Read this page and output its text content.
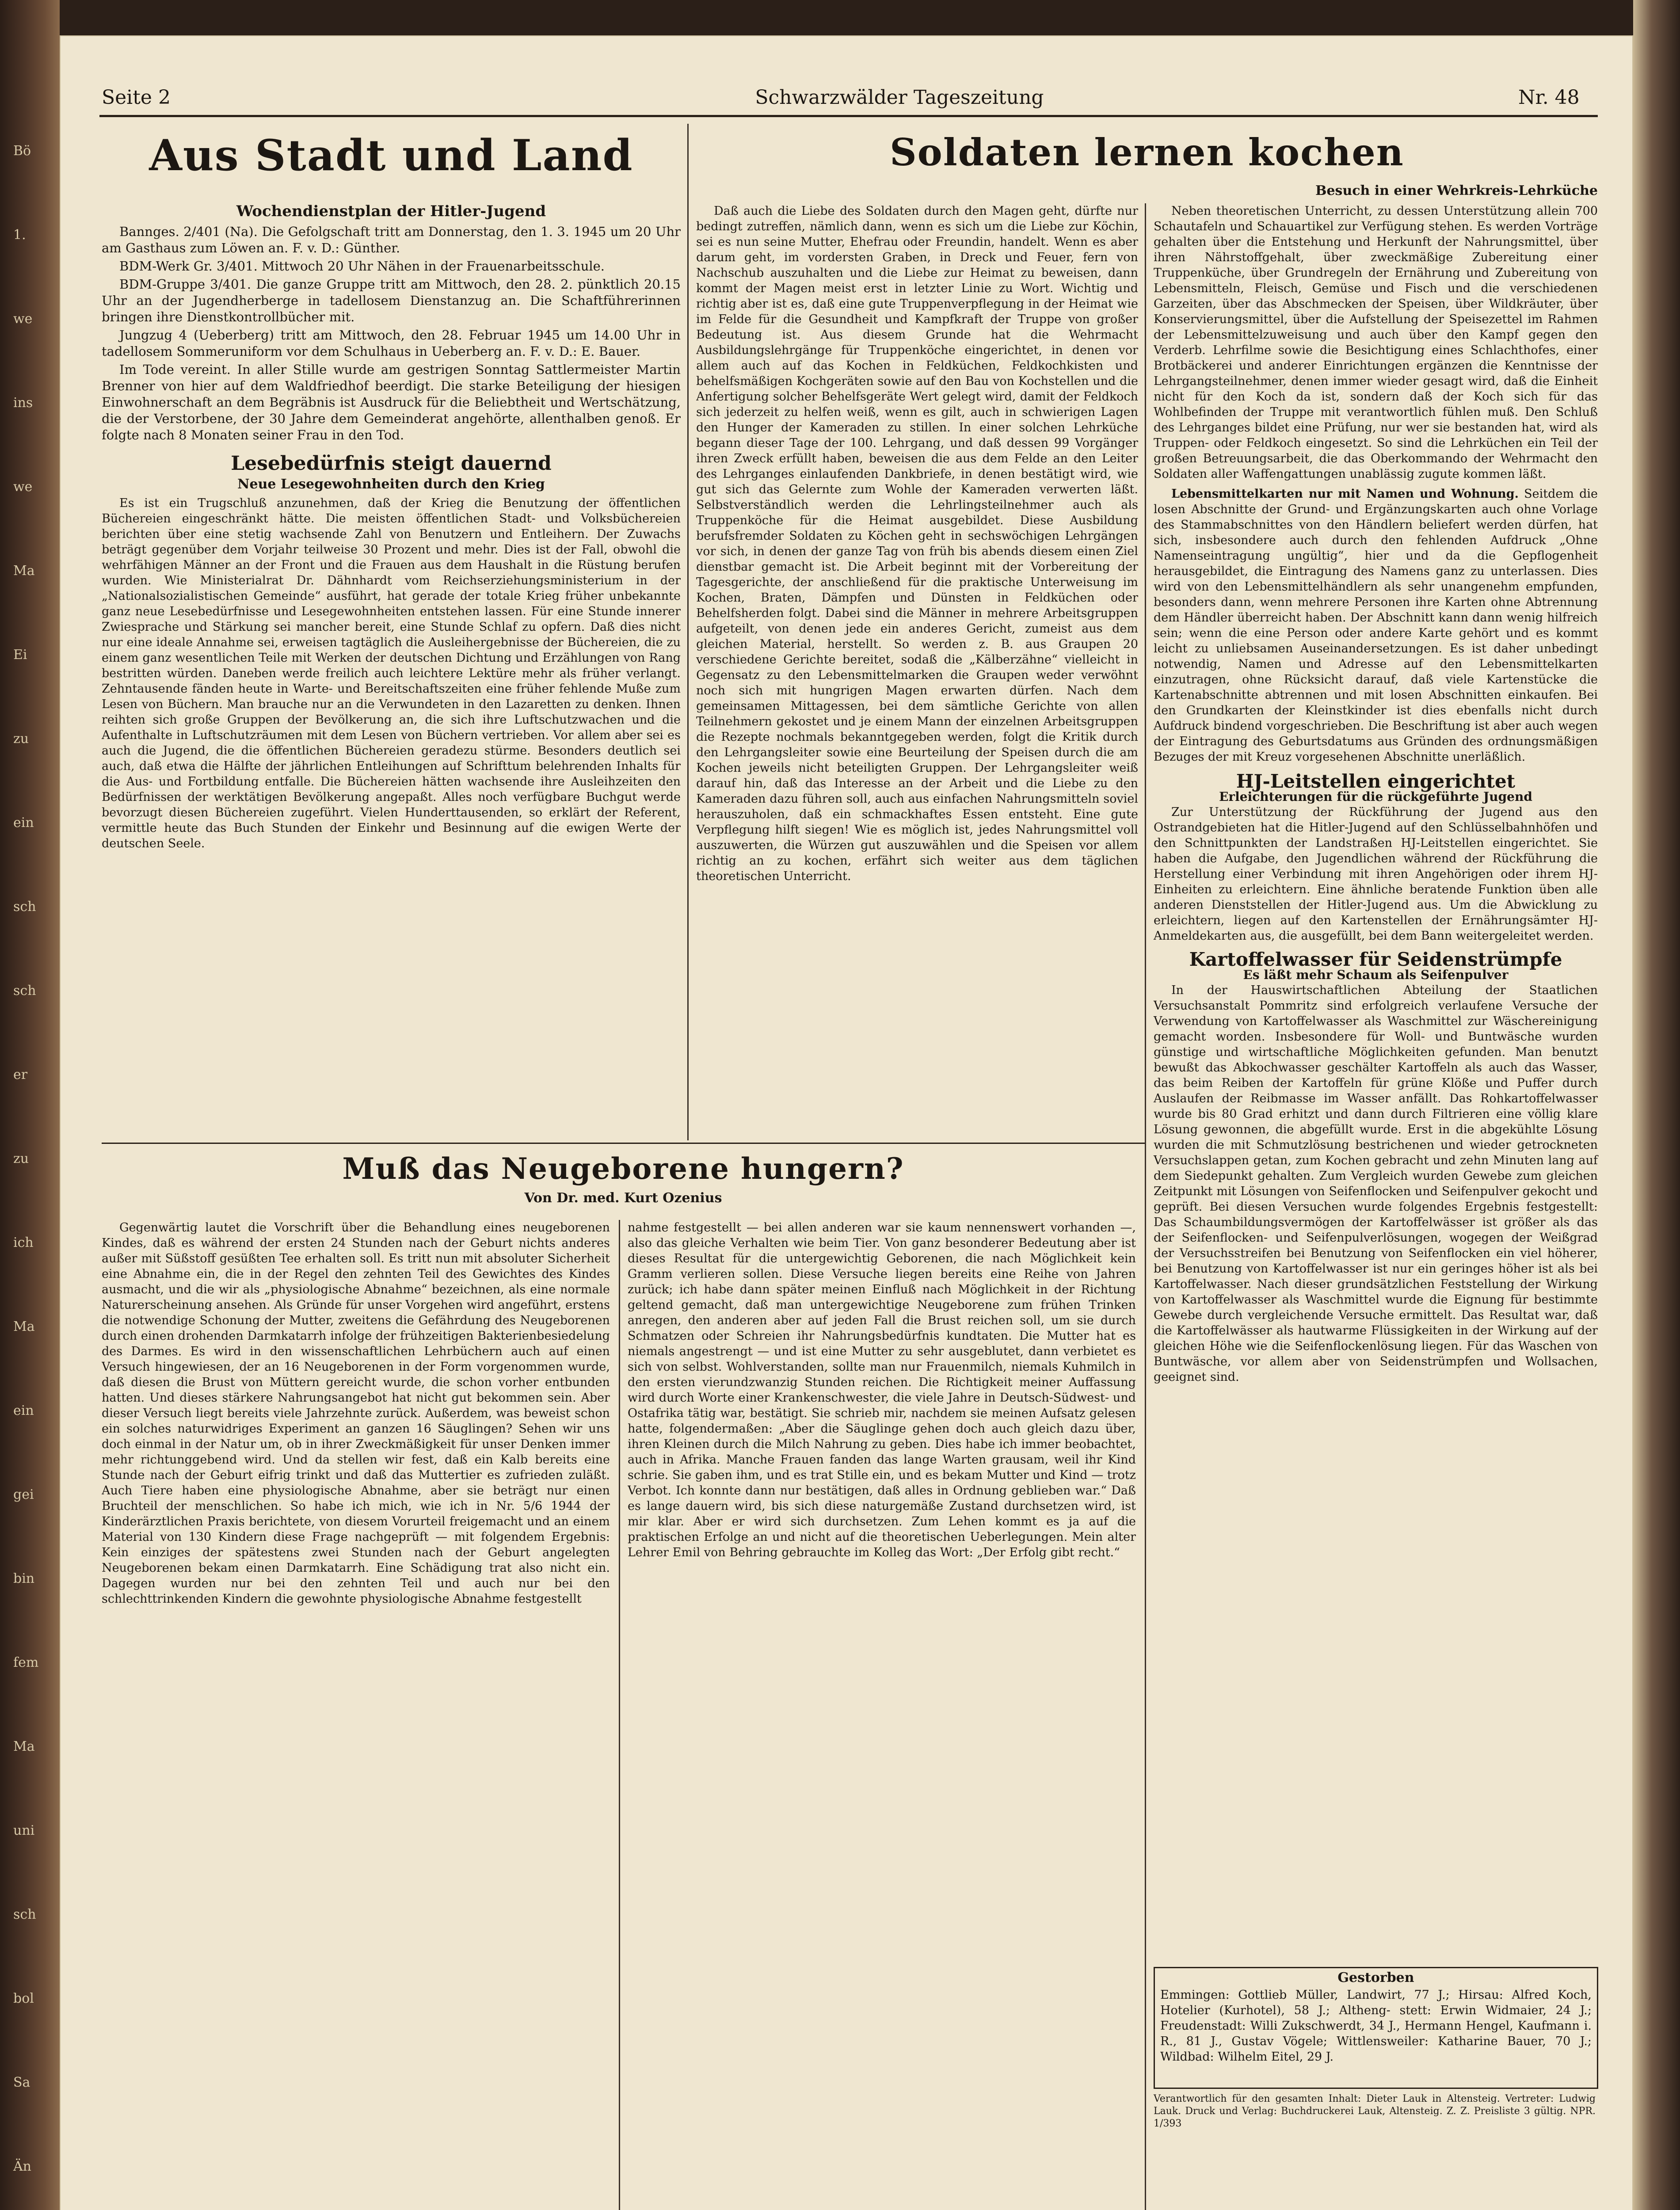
Bö
1.
we
ins
we
Ma
Ei
zu
ein
sch
sch
er
zu
ich
Ma
ein
gei
bin
fem
Ma
uni
sch
bol
Sa
Än
Seite 2	Schwarzwälder Tageszeitung	Nr. 48
Aus Stadt und Land
Wochendienstplan der Hitler-Jugend

Bannges. 2/401 (Na). Die Gefolgschaft tritt am Donnerstag, den 1. 3. 1945 um 20 Uhr am Gasthaus zum Löwen an. F. v. D.: Günther.

BDM-Werk Gr. 3/401. Mittwoch 20 Uhr Nähen in der Frauenarbeitsschule.

BDM-Gruppe 3/401. Die ganze Gruppe tritt am Mittwoch, den 28. 2. pünktlich 20.15 Uhr an der Jugendherberge in tadellosem Dienstanzug an. Die Schaftführerinnen bringen ihre Dienstkontrollbücher mit.

Jungzug 4 (Ueberberg) tritt am Mittwoch, den 28. Februar 1945 um 14.00 Uhr in tadellosem Sommeruniform vor dem Schulhaus in Ueberberg an. F. v. D.: E. Bauer.

Im Tode vereint. In aller Stille wurde am gestrigen Sonntag Sattlermeister Martin Brenner von hier auf dem Waldfriedhof beerdigt. Die starke Beteiligung der hiesigen Einwohnerschaft an dem Begräbnis ist Ausdruck für die Beliebtheit und Wertschätzung, die der Verstorbene, der 30 Jahre dem Gemeinderat angehörte, allenthalben genoß. Er folgte nach 8 Monaten seiner Frau in den Tod.

Lesebedürfnis steigt dauernd
Neue Lesegewohnheiten durch den Krieg

Es ist ein Trugschluß anzunehmen, daß der Krieg die Benutzung der öffentlichen Büchereien eingeschränkt hätte. Die meisten öffentlichen Stadt- und Volksbüchereien berichten über eine stetig wachsende Zahl von Benutzern und Entleihern. Der Zuwachs beträgt gegenüber dem Vorjahr teilweise 30 Prozent und mehr. Dies ist der Fall, obwohl die wehrfähigen Männer an der Front und die Frauen aus dem Haushalt in die Rüstung berufen wurden. Wie Ministerialrat Dr. Dähnhardt vom Reichserziehungsministerium in der „Nationalsozialistischen Gemeinde“ ausführt, hat gerade der totale Krieg früher unbekannte ganz neue Lesebedürfnisse und Lesegewohnheiten entstehen lassen. Für eine Stunde innerer Zwiesprache und Stärkung sei mancher bereit, eine Stunde Schlaf zu opfern. Daß dies nicht nur eine ideale Annahme sei, erweisen tagtäglich die Ausleihergebnisse der Büchereien, die zu einem ganz wesentlichen Teile mit Werken der deutschen Dichtung und Erzählungen von Rang bestritten würden. Daneben werde freilich auch leichtere Lektüre mehr als früher verlangt. Zehntausende fänden heute in Warte- und Bereitschaftszeiten eine früher fehlende Muße zum Lesen von Büchern. Man brauche nur an die Verwundeten in den Lazaretten zu denken. Ihnen reihten sich große Gruppen der Bevölkerung an, die sich ihre Luftschutzwachen und die Aufenthalte in Luftschutzräumen mit dem Lesen von Büchern vertrieben. Vor allem aber sei es auch die Jugend, die die öffentlichen Büchereien geradezu stürme. Besonders deutlich sei auch, daß etwa die Hälfte der jährlichen Entleihungen auf Schrifttum belehrenden Inhalts für die Aus- und Fortbildung entfalle. Die Büchereien hätten wachsende ihre Ausleihzeiten den Bedürfnissen der werktätigen Bevölkerung angepaßt. Alles noch verfügbare Buchgut werde bevorzugt diesen Büchereien zugeführt. Vielen Hunderttausenden, so erklärt der Referent, vermittle heute das Buch Stunden der Einkehr und Besinnung auf die ewigen Werte der deutschen Seele.

Soldaten lernen kochen
Besuch in einer Wehrkreis-Lehrküche

Daß auch die Liebe des Soldaten durch den Magen geht, dürfte nur bedingt zutreffen, nämlich dann, wenn es sich um die Liebe zur Köchin, sei es nun seine Mutter, Ehefrau oder Freundin, handelt. Wenn es aber darum geht, im vordersten Graben, in Dreck und Feuer, fern von Nachschub auszuhalten und die Liebe zur Heimat zu beweisen, dann kommt der Magen meist erst in letzter Linie zu Wort. Wichtig und richtig aber ist es, daß eine gute Truppenverpflegung in der Heimat wie im Felde für die Gesundheit und Kampfkraft der Truppe von großer Bedeutung ist. Aus diesem Grunde hat die Wehrmacht Ausbildungslehrgänge für Truppenköche eingerichtet, in denen vor allem auch auf das Kochen in Feldküchen, Feldkochkisten und behelfsmäßigen Kochgeräten sowie auf den Bau von Kochstellen und die Anfertigung solcher Behelfsgeräte Wert gelegt wird, damit der Feldkoch sich jederzeit zu helfen weiß, wenn es gilt, auch in schwierigen Lagen den Hunger der Kameraden zu stillen. In einer solchen Lehrküche begann dieser Tage der 100. Lehrgang, und daß dessen 99 Vorgänger ihren Zweck erfüllt haben, beweisen die aus dem Felde an den Leiter des Lehrganges einlaufenden Dankbriefe, in denen bestätigt wird, wie gut sich das Gelernte zum Wohle der Kameraden verwerten läßt. Selbstverständlich werden die Lehrlingsteilnehmer auch als Truppenköche für die Heimat ausgebildet. Diese Ausbildung berufsfremder Soldaten zu Köchen geht in sechswöchigen Lehrgängen vor sich, in denen der ganze Tag von früh bis abends diesem einen Ziel dienstbar gemacht ist. Die Arbeit beginnt mit der Vorbereitung der Tagesgerichte, der anschließend für die praktische Unterweisung im Kochen, Braten, Dämpfen und Dünsten in Feldküchen oder Behelfsherden folgt. Dabei sind die Männer in mehrere Arbeitsgruppen aufgeteilt, von denen jede ein anderes Gericht, zumeist aus dem gleichen Material, herstellt. So werden z. B. aus Graupen 20 verschiedene Gerichte bereitet, sodaß die „Kälberzähne“ vielleicht in Gegensatz zu den Lebensmittelmarken die Graupen weder verwöhnt noch sich mit hungrigen Magen erwarten dürfen. Nach dem gemeinsamen Mittagessen, bei dem sämtliche Gerichte von allen Teilnehmern gekostet und je einem Mann der einzelnen Arbeitsgruppen die Rezepte nochmals bekanntgegeben werden, folgt die Kritik durch den Lehrgangsleiter sowie eine Beurteilung der Speisen durch die am Kochen jeweils nicht beteiligten Gruppen. Der Lehrgangsleiter weiß darauf hin, daß das Interesse an der Arbeit und die Liebe zu den Kameraden dazu führen soll, auch aus einfachen Nahrungsmitteln soviel herauszuholen, daß ein schmackhaftes Essen entsteht. Eine gute Verpflegung hilft siegen! Wie es möglich ist, jedes Nahrungsmittel voll auszuwerten, die Würzen gut auszuwählen und die Speisen vor allem richtig an zu kochen, erfährt sich weiter aus dem täglichen theoretischen Unterricht.

Neben theoretischen Unterricht, zu dessen Unterstützung allein 700 Schautafeln und Schauartikel zur Verfügung stehen. Es werden Vorträge gehalten über die Entstehung und Herkunft der Nahrungsmittel, über ihren Nährstoffgehalt, über zweckmäßige Zubereitung einer Truppenküche, über Grundregeln der Ernährung und Zubereitung von Lebensmitteln, Fleisch, Gemüse und Fisch und die verschiedenen Garzeiten, über das Abschmecken der Speisen, über Wildkräuter, über Konservierungsmittel, über die Aufstellung der Speisezettel im Rahmen der Lebensmittelzuweisung und auch über den Kampf gegen den Verderb. Lehrfilme sowie die Besichtigung eines Schlachthofes, einer Brotbäckerei und anderer Einrichtungen ergänzen die Kenntnisse der Lehrgangsteilnehmer, denen immer wieder gesagt wird, daß die Einheit nicht für den Koch da ist, sondern daß der Koch sich für das Wohlbefinden der Truppe mit verantwortlich fühlen muß. Den Schluß des Lehrganges bildet eine Prüfung, nur wer sie bestanden hat, wird als Truppen- oder Feldkoch eingesetzt. So sind die Lehrküchen ein Teil der großen Betreuungsarbeit, die das Oberkommando der Wehrmacht den Soldaten aller Waffengattungen unablässig zugute kommen läßt.

Lebensmittelkarten nur mit Namen und Wohnung. Seitdem die losen Abschnitte der Grund- und Ergänzungskarten auch ohne Vorlage des Stammabschnittes von den Händlern beliefert werden dürfen, hat sich, insbesondere auch durch den fehlenden Aufdruck „Ohne Namenseintragung ungültig“, hier und da die Gepflogenheit herausgebildet, die Eintragung des Namens ganz zu unterlassen. Dies wird von den Lebensmittelhändlern als sehr unangenehm empfunden, besonders dann, wenn mehrere Personen ihre Karten ohne Abtrennung dem Händler überreicht haben. Der Abschnitt kann dann wenig hilfreich sein; wenn die eine Person oder andere Karte gehört und es kommt leicht zu unliebsamen Auseinandersetzungen. Es ist daher unbedingt notwendig, Namen und Adresse auf den Lebensmittelkarten einzutragen, ohne Rücksicht darauf, daß viele Kartenstücke die Kartenabschnitte abtrennen und mit losen Abschnitten einkaufen. Bei den Grundkarten der Kleinstkinder ist dies ebenfalls nicht durch Aufdruck bindend vorgeschrieben. Die Beschriftung ist aber auch wegen der Eintragung des Geburtsdatums aus Gründen des ordnungsmäßigen Bezuges der mit Kreuz vorgesehenen Abschnitte unerläßlich.

HJ-Leitstellen eingerichtet
Erleichterungen für die rückgeführte Jugend

Zur Unterstützung der Rückführung der Jugend aus den Ostrandgebieten hat die Hitler-Jugend auf den Schlüsselbahnhöfen und den Schnittpunkten der Landstraßen HJ-Leitstellen eingerichtet. Sie haben die Aufgabe, den Jugendlichen während der Rückführung die Herstellung einer Verbindung mit ihren Angehörigen oder ihrem HJ-Einheiten zu erleichtern. Eine ähnliche beratende Funktion üben alle anderen Dienststellen der Hitler-Jugend aus. Um die Abwicklung zu erleichtern, liegen auf den Kartenstellen der Ernährungsämter HJ-Anmeldekarten aus, die ausgefüllt, bei dem Bann weitergeleitet werden.

Kartoffelwasser für Seidenstrümpfe
Es läßt mehr Schaum als Seifenpulver

In der Hauswirtschaftlichen Abteilung der Staatlichen Versuchsanstalt Pommritz sind erfolgreich verlaufene Versuche der Verwendung von Kartoffelwasser als Waschmittel zur Wäschereinigung gemacht worden. Insbesondere für Woll- und Buntwäsche wurden günstige und wirtschaftliche Möglichkeiten gefunden. Man benutzt bewußt das Abkochwasser geschälter Kartoffeln als auch das Wasser, das beim Reiben der Kartoffeln für grüne Klöße und Puffer durch Auslaufen der Reibmasse im Wasser anfällt. Das Rohkartoffelwasser wurde bis 80 Grad erhitzt und dann durch Filtrieren eine völlig klare Lösung gewonnen, die abgefüllt wurde. Erst in die abgekühlte Lösung wurden die mit Schmutzlösung bestrichenen und wieder getrockneten Versuchslappen getan, zum Kochen gebracht und zehn Minuten lang auf dem Siedepunkt gehalten. Zum Vergleich wurden Gewebe zum gleichen Zeitpunkt mit Lösungen von Seifenflocken und Seifenpulver gekocht und geprüft. Bei diesen Versuchen wurde folgendes Ergebnis festgestellt: Das Schaumbildungsvermögen der Kartoffelwässer ist größer als das der Seifenflocken- und Seifenpulverlösungen, wogegen der Weißgrad der Versuchsstreifen bei Benutzung von Seifenflocken ein viel höherer, bei Benutzung von Kartoffelwasser ist nur ein geringes höher ist als bei Kartoffelwasser. Nach dieser grundsätzlichen Feststellung der Wirkung von Kartoffelwasser als Waschmittel wurde die Eignung für bestimmte Gewebe durch vergleichende Versuche ermittelt. Das Resultat war, daß die Kartoffelwässer als hautwarme Flüssigkeiten in der Wirkung auf der gleichen Höhe wie die Seifenflockenlösung liegen. Für das Waschen von Buntwäsche, vor allem aber von Seidenstrümpfen und Wollsachen, geeignet sind.

Gestorben
Emmingen: Gottlieb Müller, Landwirt, 77 J.; Hirsau: Alfred Koch, Hotelier (Kurhotel), 58 J.; Altheng- stett: Erwin Widmaier, 24 J.; Freudenstadt: Willi Zukschwerdt, 34 J., Hermann Hengel, Kaufmann i. R., 81 J., Gustav Vögele; Wittlensweiler: Katharine Bauer, 70 J.; Wildbad: Wilhelm Eitel, 29 J.
Verantwortlich für den gesamten Inhalt: Dieter Lauk in Altensteig. Vertreter: Ludwig Lauk. Druck und Verlag: Buchdruckerei Lauk, Altensteig. Z. Z. Preisliste 3 gültig. NPR. 1/393
Muß das Neugeborene hungern?
Von Dr. med. Kurt Ozenius

Gegenwärtig lautet die Vorschrift über die Behandlung eines neugeborenen Kindes, daß es während der ersten 24 Stunden nach der Geburt nichts anderes außer mit Süßstoff gesüßten Tee erhalten soll. Es tritt nun mit absoluter Sicherheit eine Abnahme ein, die in der Regel den zehnten Teil des Gewichtes des Kindes ausmacht, und die wir als „physiologische Abnahme“ bezeichnen, als eine normale Naturerscheinung ansehen. Als Gründe für unser Vorgehen wird angeführt, erstens die notwendige Schonung der Mutter, zweitens die Gefährdung des Neugeborenen durch einen drohenden Darmkatarrh infolge der frühzeitigen Bakterienbesiedelung des Darmes. Es wird in den wissenschaftlichen Lehrbüchern auch auf einen Versuch hingewiesen, der an 16 Neugeborenen in der Form vorgenommen wurde, daß diesen die Brust von Müttern gereicht wurde, die schon vorher entbunden hatten. Und dieses stärkere Nahrungsangebot hat nicht gut bekommen sein. Aber dieser Versuch liegt bereits viele Jahrzehnte zurück. Außerdem, was beweist schon ein solches naturwidriges Experiment an ganzen 16 Säuglingen? Sehen wir uns doch einmal in der Natur um, ob in ihrer Zweckmäßigkeit für unser Denken immer mehr richtunggebend wird. Und da stellen wir fest, daß ein Kalb bereits eine Stunde nach der Geburt eifrig trinkt und daß das Muttertier es zufrieden zuläßt. Auch Tiere haben eine physiologische Abnahme, aber sie beträgt nur einen Bruchteil der menschlichen. So habe ich mich, wie ich in Nr. 5/6 1944 der Kinderärztlichen Praxis berichtete, von diesem Vorurteil freigemacht und an einem Material von 130 Kindern diese Frage nachgeprüft — mit folgendem Ergebnis: Kein einziges der spätestens zwei Stunden nach der Geburt angelegten Neugeborenen bekam einen Darmkatarrh. Eine Schädigung trat also nicht ein. Dagegen wurden nur bei den zehnten Teil und auch nur bei den schlechttrinkenden Kindern die gewohnte physiologische Abnahme festgestellt

nahme festgestellt — bei allen anderen war sie kaum nennenswert vorhanden —, also das gleiche Verhalten wie beim Tier. Von ganz besonderer Bedeutung aber ist dieses Resultat für die untergewichtig Geborenen, die nach Möglichkeit kein Gramm verlieren sollen. Diese Versuche liegen bereits eine Reihe von Jahren zurück; ich habe dann später meinen Einfluß nach Möglichkeit in der Richtung geltend gemacht, daß man untergewichtige Neugeborene zum frühen Trinken anregen, den anderen aber auf jeden Fall die Brust reichen soll, um sie durch Schmatzen oder Schreien ihr Nahrungsbedürfnis kundtaten. Die Mutter hat es niemals angestrengt — und ist eine Mutter zu sehr ausgeblutet, dann verbietet es sich von selbst. Wohlverstanden, sollte man nur Frauenmilch, niemals Kuhmilch in den ersten vierundzwanzig Stunden reichen. Die Richtigkeit meiner Auffassung wird durch Worte einer Krankenschwester, die viele Jahre in Deutsch-Südwest- und Ostafrika tätig war, bestätigt. Sie schrieb mir, nachdem sie meinen Aufsatz gelesen hatte, folgendermaßen: „Aber die Säuglinge gehen doch auch gleich dazu über, ihren Kleinen durch die Milch Nahrung zu geben. Dies habe ich immer beobachtet, auch in Afrika. Manche Frauen fanden das lange Warten grausam, weil ihr Kind schrie. Sie gaben ihm, und es trat Stille ein, und es bekam Mutter und Kind — trotz Verbot. Ich konnte dann nur bestätigen, daß alles in Ordnung geblieben war.“ Daß es lange dauern wird, bis sich diese naturgemäße Zustand durchsetzen wird, ist mir klar. Aber er wird sich durchsetzen. Zum Lehen kommt es ja auf die praktischen Erfolge an und nicht auf die theoretischen Ueberlegungen. Mein alter Lehrer Emil von Behring gebrauchte im Kolleg das Wort: „Der Erfolg gibt recht.“
